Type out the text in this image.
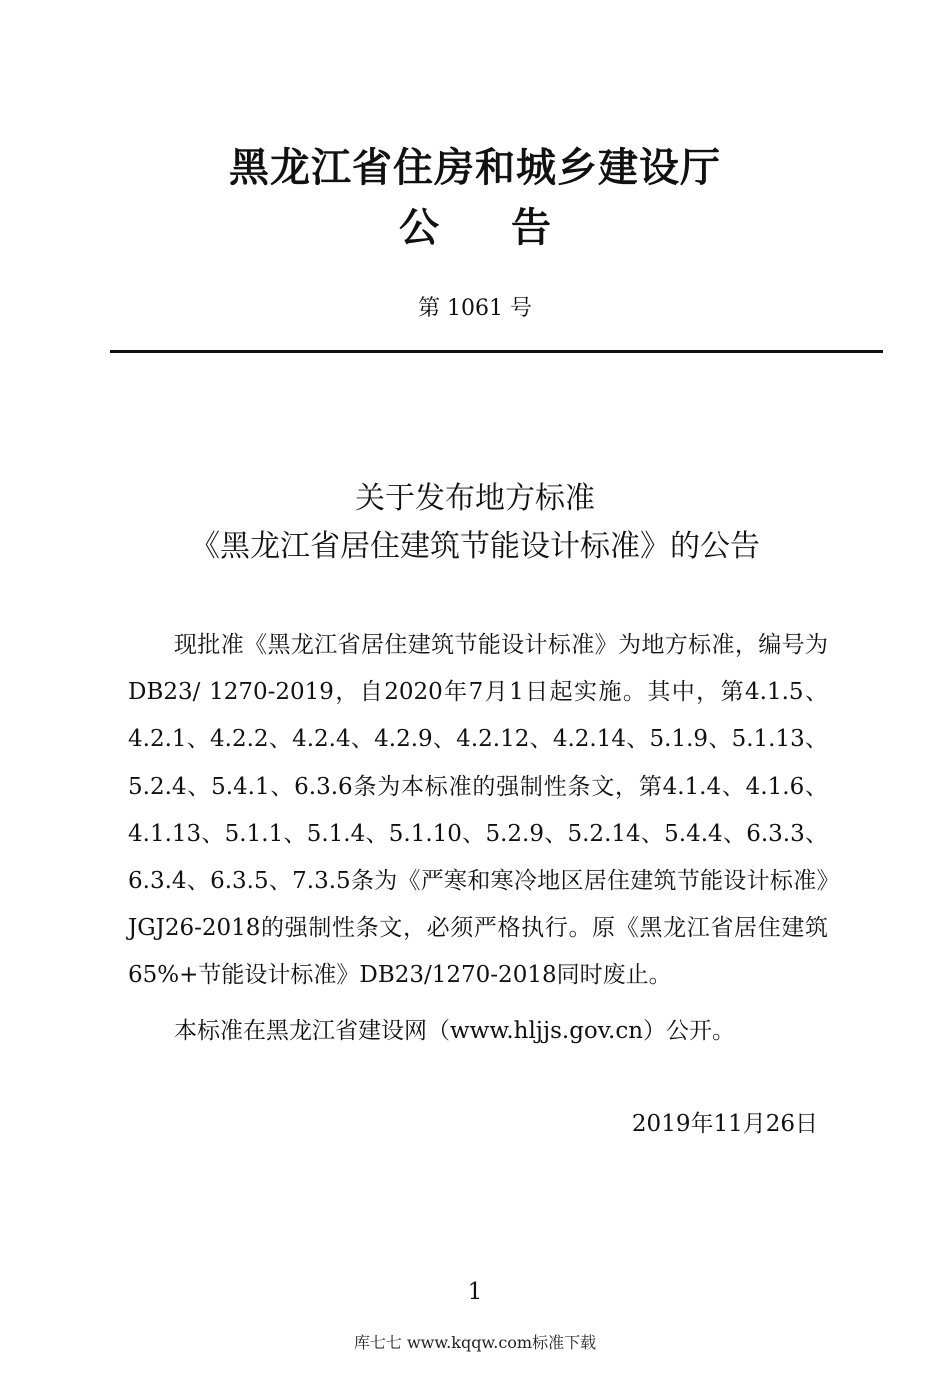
黑龙江省住房和城乡建设厅
公告
第 1061 号
关于发布地方标准
《黑龙江省居住建筑节能设计标准》的公告

现批准《黑龙江省居住建筑节能设计标准》为地方标准，编号为DB23/ 1270-2019，自2020年7月1日起实施。其中，第4.1.5、4.2.1、4.2.2、4.2.4、4.2.9、4.2.12、4.2.14、5.1.9、5.1.13、5.2.4、5.4.1、6.3.6条为本标准的强制性条文，第4.1.4、4.1.6、4.1.13、5.1.1、5.1.4、5.1.10、5.2.9、5.2.14、5.4.4、6.3.3、6.3.4、6.3.5、7.3.5条为《严寒和寒冷地区居住建筑节能设计标准》JGJ26-2018的强制性条文，必须严格执行。原《黑龙江省居住建筑65%+节能设计标准》DB23/1270-2018同时废止。

本标准在黑龙江省建设网（www.hljjs.gov.cn）公开。
2019年11月26日
1
库七七 www.kqqw.com标准下载
